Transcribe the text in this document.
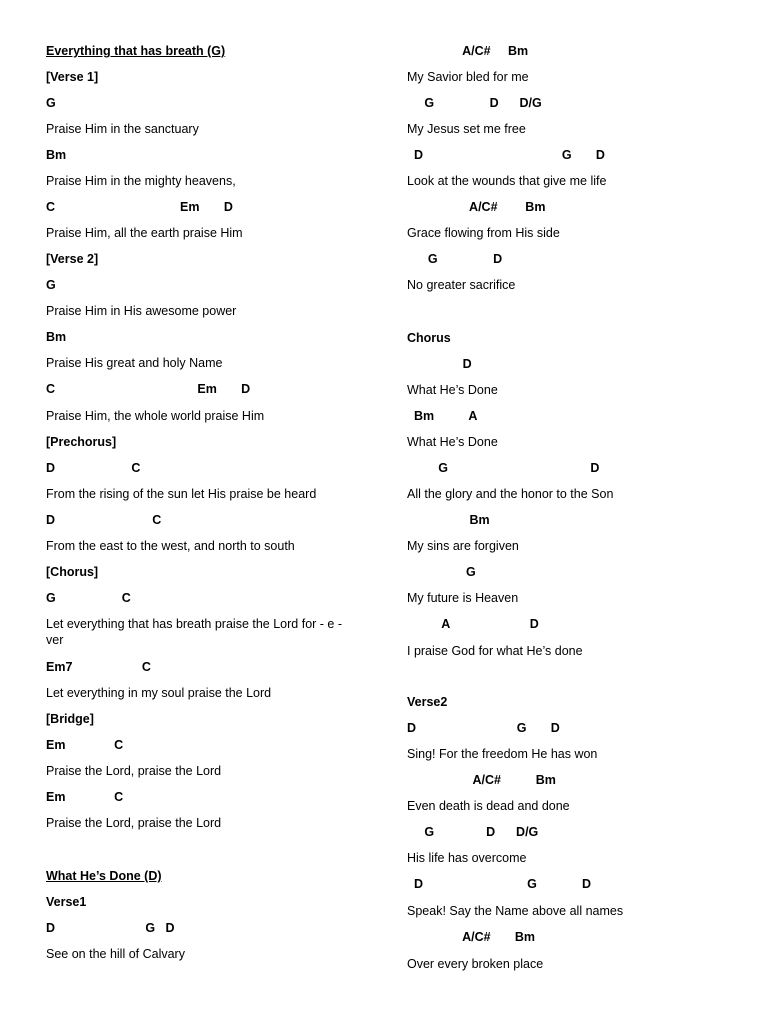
Everything that has breath (G)
[Verse 1]
G
Praise Him in the sanctuary
Bm
Praise Him in the mighty heavens,
C                                    Em       D
Praise Him, all the earth praise Him
[Verse 2]
G
Praise Him in His awesome power
Bm
Praise His great and holy Name
C                                         Em       D
Praise Him, the whole world praise Him
[Prechorus]
D                      C
From the rising of the sun let His praise be heard
D                            C
From the east to the west, and north to south
[Chorus]
G                   C
Let everything that has breath praise the Lord for - e -
ver
Em7                    C
Let everything in my soul praise the Lord
[Bridge]
Em              C
Praise the Lord, praise the Lord
Em              C
Praise the Lord, praise the Lord
What He’s Done (D)
Verse1
D                          G   D
See on the hill of Calvary
A/C#     Bm
My Savior bled for me
G                D      D/G
My Jesus set me free
D                                        G       D
Look at the wounds that give me life
A/C#        Bm
Grace flowing from His side
G                D
No greater sacrifice
Chorus
D
What He’s Done
Bm          A
What He’s Done
G                                         D
All the glory and the honor to the Son
Bm
My sins are forgiven
G
My future is Heaven
A                       D
I praise God for what He’s done
Verse2
D                             G       D
Sing! For the freedom He has won
A/C#          Bm
Even death is dead and done
G               D      D/G
His life has overcome
D                              G             D
Speak! Say the Name above all names
A/C#       Bm
Over every broken place
